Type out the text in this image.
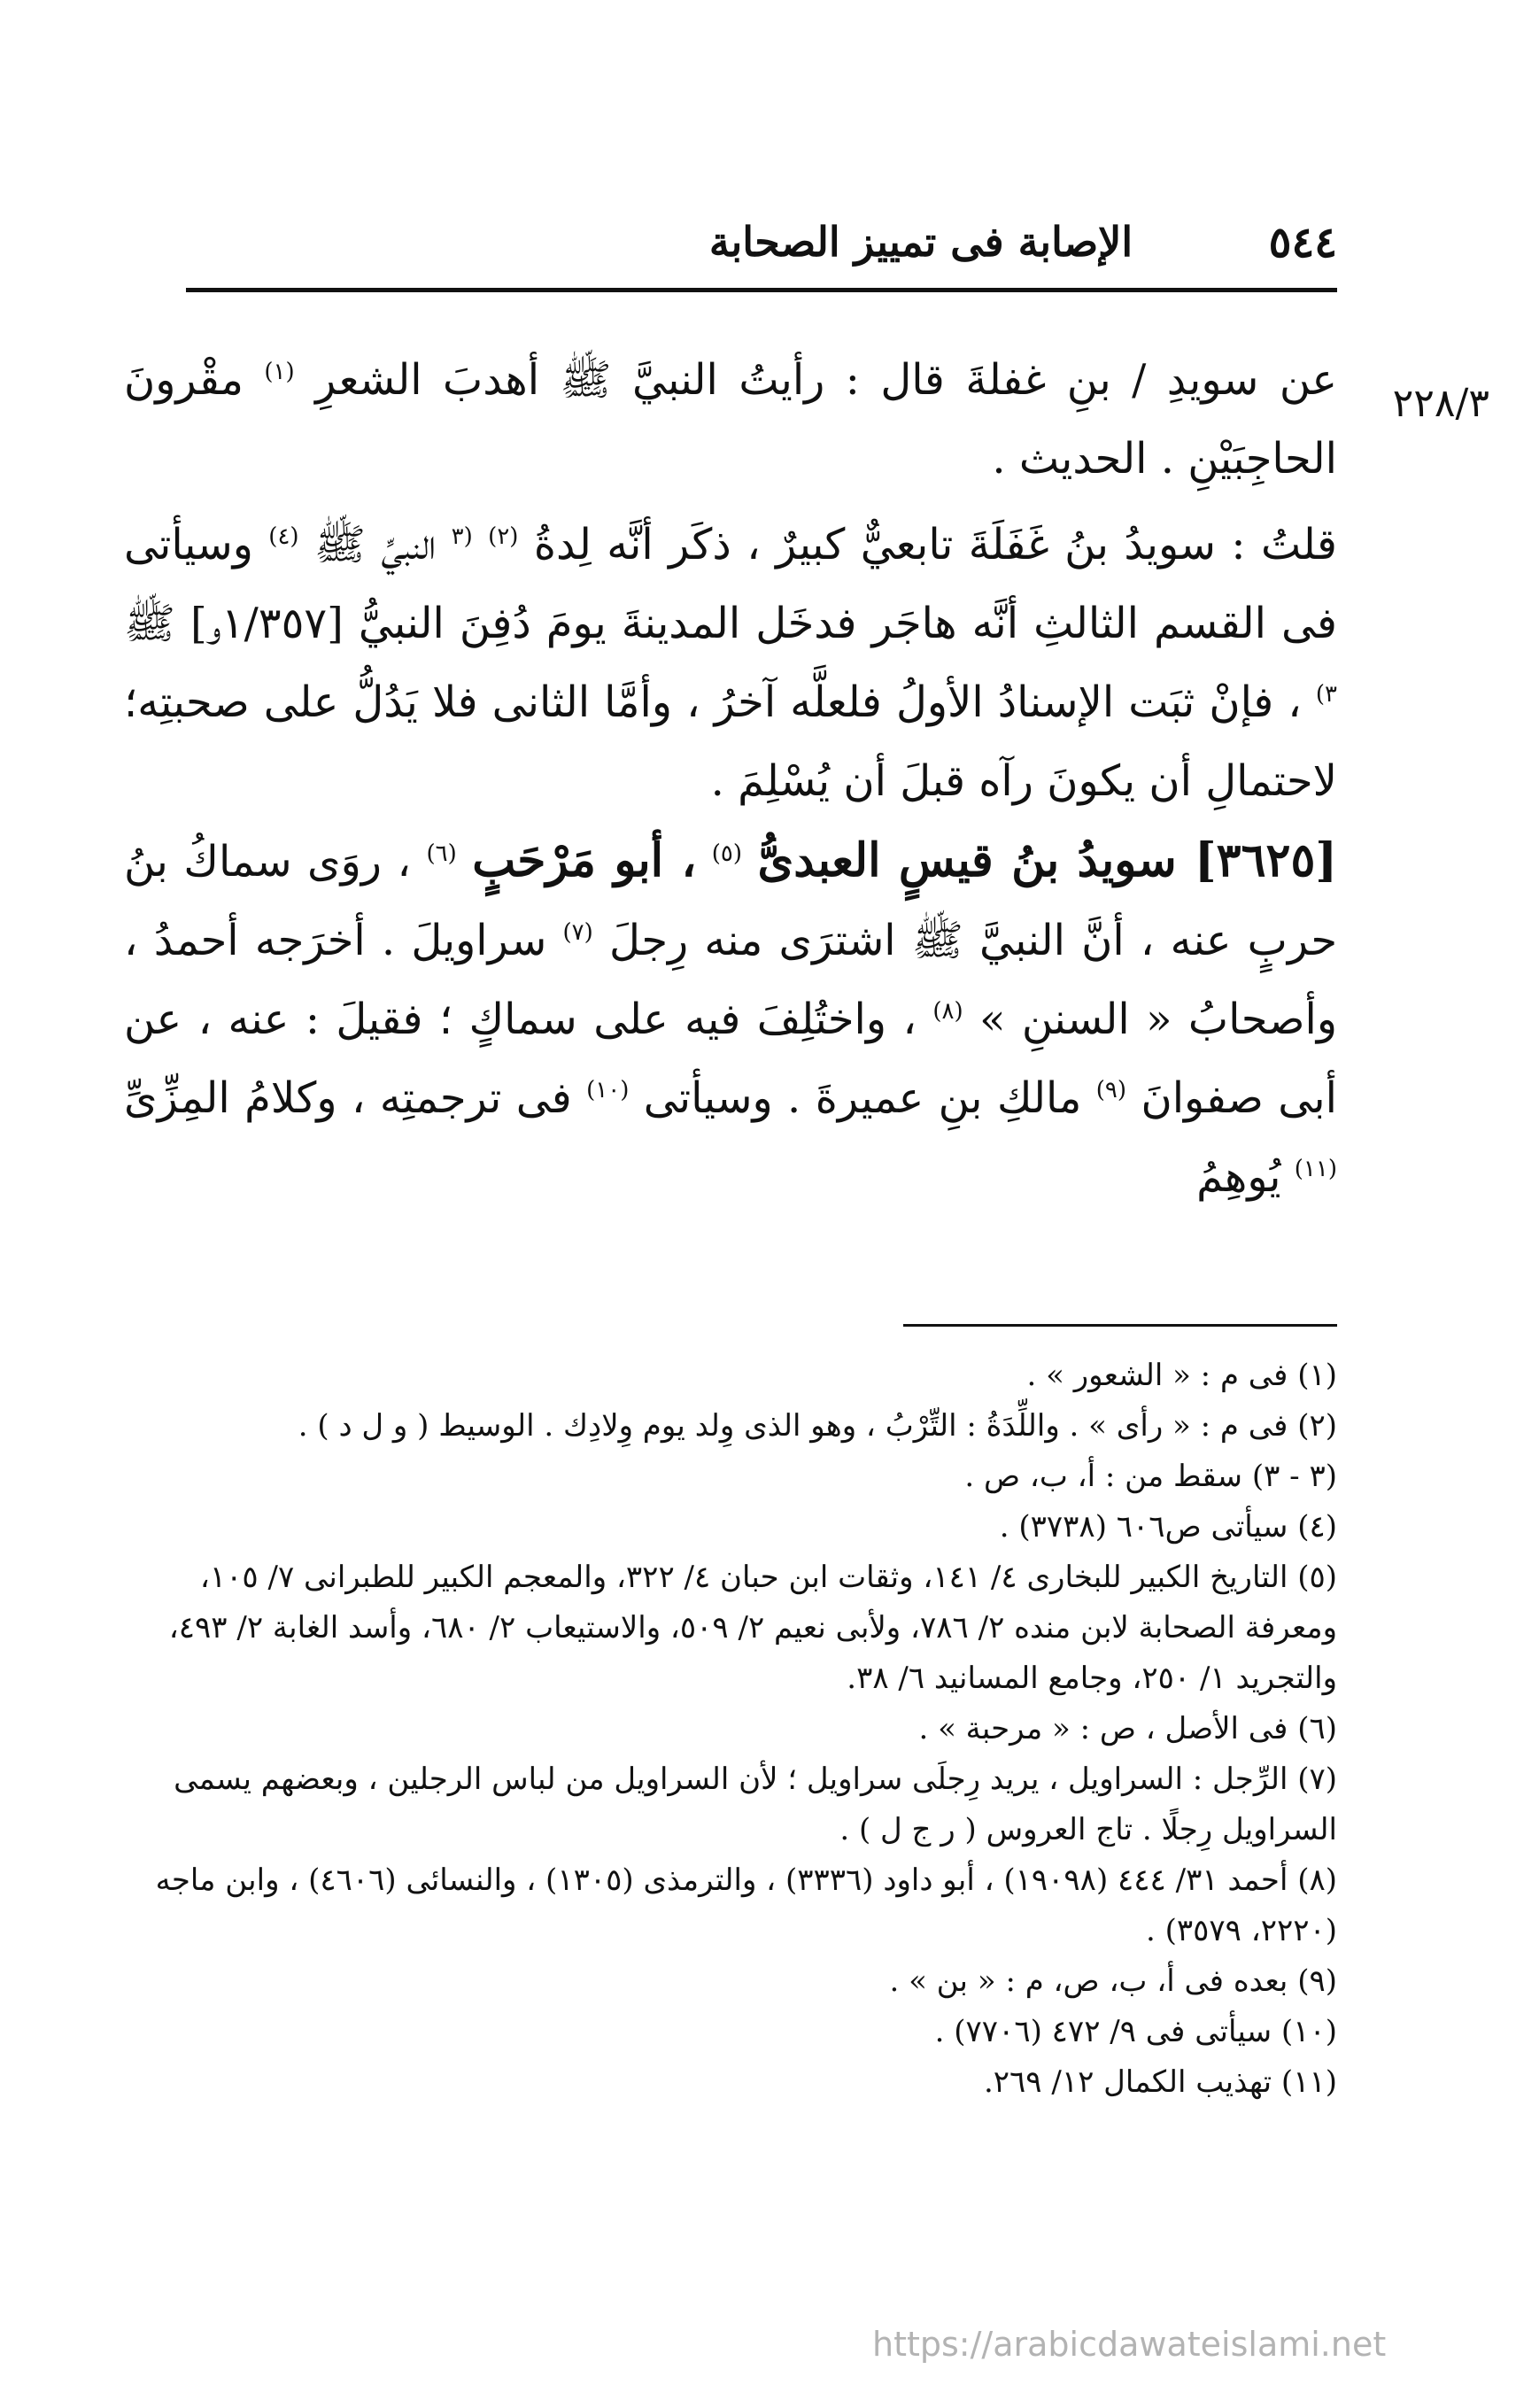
٥٤٤
الإصابة فى تمييز الصحابة
٢٢٨/٣

عن سويدِ / بنِ غفلةَ قال : رأيتُ النبيَّ ﷺ أهدبَ الشعرِ $^{(١)}$ مقْرونَ الحاجِبَيْنِ . الحديث .

قلتُ : سويدُ بنُ غَفَلَةَ تابعيٌّ كبيرٌ ، ذكَر أنَّه لِدةُ $^{(٢)}$ $^{(٣}$ النبيِّ ﷺ $^{(٤)}$ وسيأتى فى القسم الثالثِ أنَّه هاجَر فدخَل المدينةَ يومَ دُفِنَ النبيُّ [١/٣٥٧و] ﷺ $^{٣)}$ ، فإنْ ثبَت الإسنادُ الأولُ فلعلَّه آخرُ ، وأمَّا الثانى فلا يَدُلُّ على صحبتِه؛ لاحتمالِ أن يكونَ رآه قبلَ أن يُسْلِمَ .

[٣٦٢٥] سويدُ بنُ قيسٍ العبدىُّ $^{(٥)}$ ، أبو مَرْحَبٍ $^{(٦)}$ ، روَى سماكُ بنُ حربٍ عنه ، أنَّ النبيَّ ﷺ اشترَى منه رِجلَ $^{(٧)}$ سراويلَ . أخرَجه أحمدُ ، وأصحابُ « السننِ » $^{(٨)}$ ، واختُلِفَ فيه على سماكٍ ؛ فقيلَ : عنه ، عن أبى صفوانَ $^{(٩)}$ مالكِ بنِ عميرةَ . وسيأتى $^{(١٠)}$ فى ترجمتِه ، وكلامُ المِزِّىِّ $^{(١١)}$ يُوهِمُ

(١) فى م : « الشعور » .

(٢) فى م : « رأى » . واللِّدَةُ : التِّرْبُ ، وهو الذى وِلد يوم وِلادِك . الوسيط ( و ل د ) .

(٣ - ٣) سقط من : أ، ب، ص .

(٤) سيأتى ص٦٠٦ (٣٧٣٨) .

(٥) التاريخ الكبير للبخارى ٤/ ١٤١، وثقات ابن حبان ٤/ ٣٢٢، والمعجم الكبير للطبرانى ٧/ ١٠٥، ومعرفة الصحابة لابن منده ٢/ ٧٨٦، ولأبى نعيم ٢/ ٥٠٩، والاستيعاب ٢/ ٦٨٠، وأسد الغابة ٢/ ٤٩٣، والتجريد ١/ ٢٥٠، وجامع المسانيد ٦/ ٣٨.

(٦) فى الأصل ، ص : « مرحبة » .

(٧) الرِّجل : السراويل ، يريد رِجلَى سراويل ؛ لأن السراويل من لباس الرجلين ، وبعضهم يسمى السراويل رِجلًا . تاج العروس ( ر ج ل ) .

(٨) أحمد ٣١/ ٤٤٤ (١٩٠٩٨) ، أبو داود (٣٣٣٦) ، والترمذى (١٣٠٥) ، والنسائى (٤٦٠٦) ، وابن ماجه (٢٢٢٠، ٣٥٧٩) .

(٩) بعده فى أ، ب، ص، م : « بن » .

(١٠) سيأتى فى ٩/ ٤٧٢ (٧٧٠٦) .

(١١) تهذيب الكمال ١٢/ ٢٦٩.

https://arabicdawateislami.net
